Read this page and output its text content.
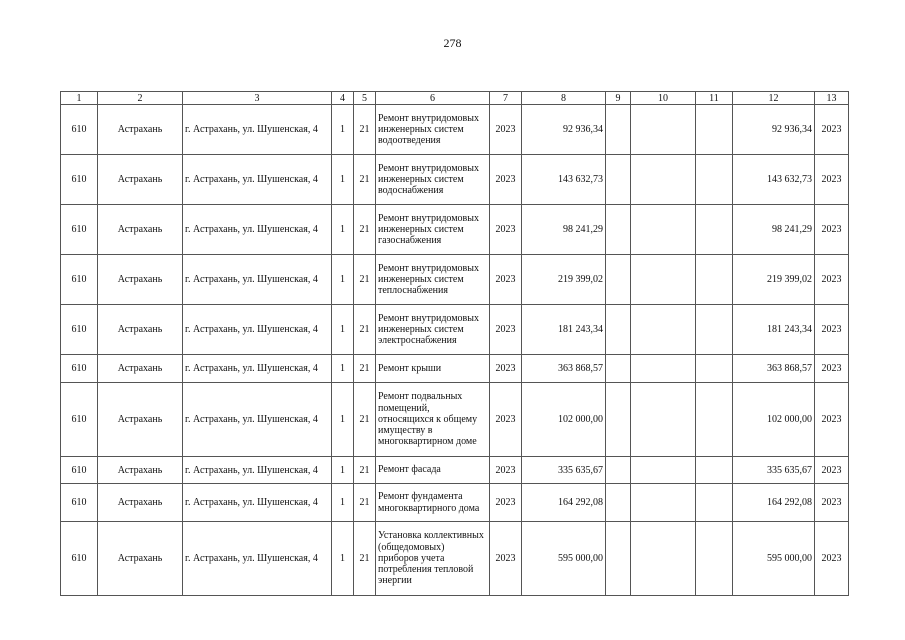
278
1	2	3	4	5	6	7	8	9	10	11	12	13
610	Астрахань	г. Астрахань, ул. Шушенская, 4	1	21	Ремонт внутридомовых инженерных систем водоотведения	2023	92 936,34				92 936,34	2023
610	Астрахань	г. Астрахань, ул. Шушенская, 4	1	21	Ремонт внутридомовых инженерных систем водоснабжения	2023	143 632,73				143 632,73	2023
610	Астрахань	г. Астрахань, ул. Шушенская, 4	1	21	Ремонт внутридомовых инженерных систем газоснабжения	2023	98 241,29				98 241,29	2023
610	Астрахань	г. Астрахань, ул. Шушенская, 4	1	21	Ремонт внутридомовых инженерных систем теплоснабжения	2023	219 399,02				219 399,02	2023
610	Астрахань	г. Астрахань, ул. Шушенская, 4	1	21	Ремонт внутридомовых инженерных систем электроснабжения	2023	181 243,34				181 243,34	2023
610	Астрахань	г. Астрахань, ул. Шушенская, 4	1	21	Ремонт крыши	2023	363 868,57				363 868,57	2023
610	Астрахань	г. Астрахань, ул. Шушенская, 4	1	21	Ремонт подвальных помещений, относящихся к общему имуществу в многоквартирном доме	2023	102 000,00				102 000,00	2023
610	Астрахань	г. Астрахань, ул. Шушенская, 4	1	21	Ремонт фасада	2023	335 635,67				335 635,67	2023
610	Астрахань	г. Астрахань, ул. Шушенская, 4	1	21	Ремонт фундамента многоквартирного дома	2023	164 292,08				164 292,08	2023
610	Астрахань	г. Астрахань, ул. Шушенская, 4	1	21	Установка коллективных (общедомовых) приборов учета потребления тепловой энергии	2023	595 000,00				595 000,00	2023
